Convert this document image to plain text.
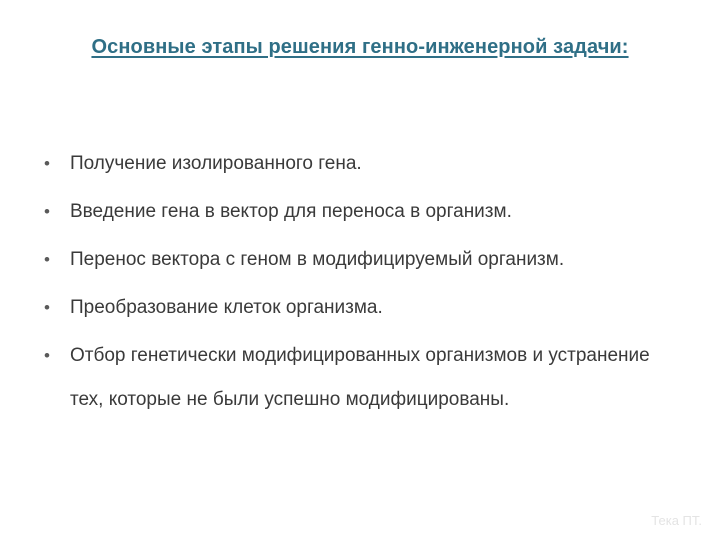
Основные этапы решения генно-инженерной задачи:
• Получение изолированного гена.
• Введение гена в вектор для переноса в организм.
• Перенос вектора с геном в модифицируемый организм.
• Преобразование клеток организма.
• Отбор генетически модифицированных организмов и устранение тех, которые не были успешно модифицированы.
Тека ПТ.
